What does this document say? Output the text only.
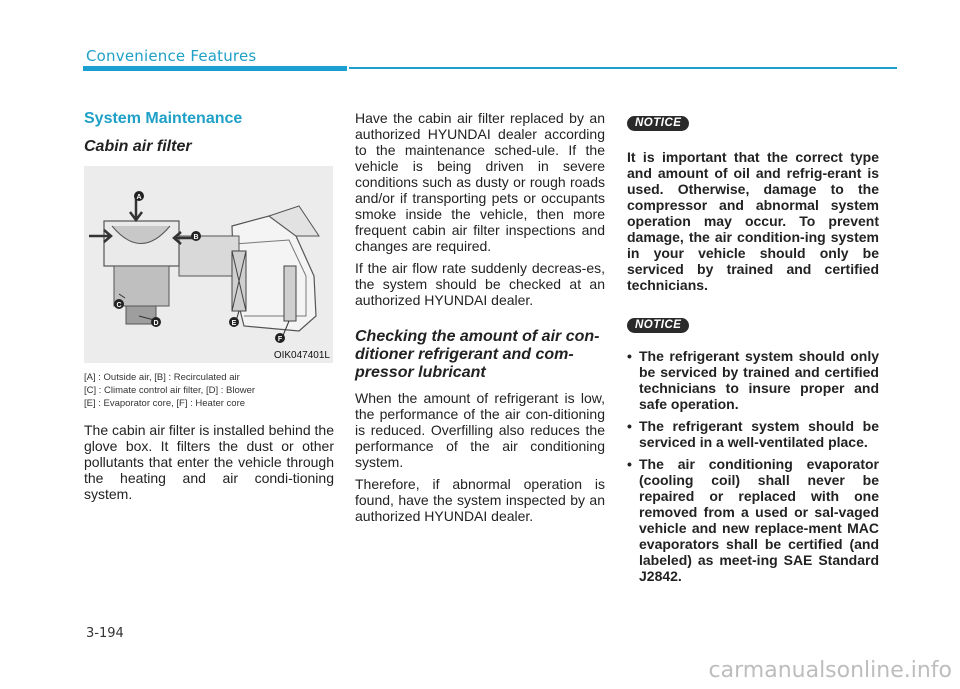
Convenience Features
System Maintenance
Cabin air filter
A
B
C
D	E
F
OIK047401L
[A] : Outside air, [B] : Recirculated air
[C] : Climate control air filter, [D] : Blower
[E] : Evaporator core, [F] : Heater core

The cabin air filter is installed behind the glove box. It filters the dust or other pollutants that enter the vehicle through the heating and air condi-tioning system.

Have the cabin air filter replaced by an authorized HYUNDAI dealer according to the maintenance sched-ule. If the vehicle is being driven in severe conditions such as dusty or rough roads and/or if transporting pets or occupants smoke inside the vehicle, then more frequent cabin air filter inspections and changes are required.

If the air flow rate suddenly decreas-es, the system should be checked at an authorized HYUNDAI dealer.

Checking the amount of air con-ditioner refrigerant and com-pressor lubricant

When the amount of refrigerant is low, the performance of the air con-ditioning is reduced. Overfilling also reduces the performance of the air conditioning system.

Therefore, if abnormal operation is found, have the system inspected by an authorized HYUNDAI dealer.

NOTICE

It is important that the correct type and amount of oil and refrig-erant is used. Otherwise, damage to the compressor and abnormal system operation may occur. To prevent damage, the air condition-ing system in your vehicle should only be serviced by trained and certified technicians.

NOTICE
• The refrigerant system should only be serviced by trained and certified technicians to insure proper and safe operation.
• The refrigerant system should be serviced in a well-ventilated place.
• The air conditioning evaporator (cooling coil) shall never be repaired or replaced with one removed from a used or sal-vaged vehicle and new replace-ment MAC evaporators shall be certified (and labeled) as meet-ing SAE Standard J2842.
3-194
carmanualsonline.info
